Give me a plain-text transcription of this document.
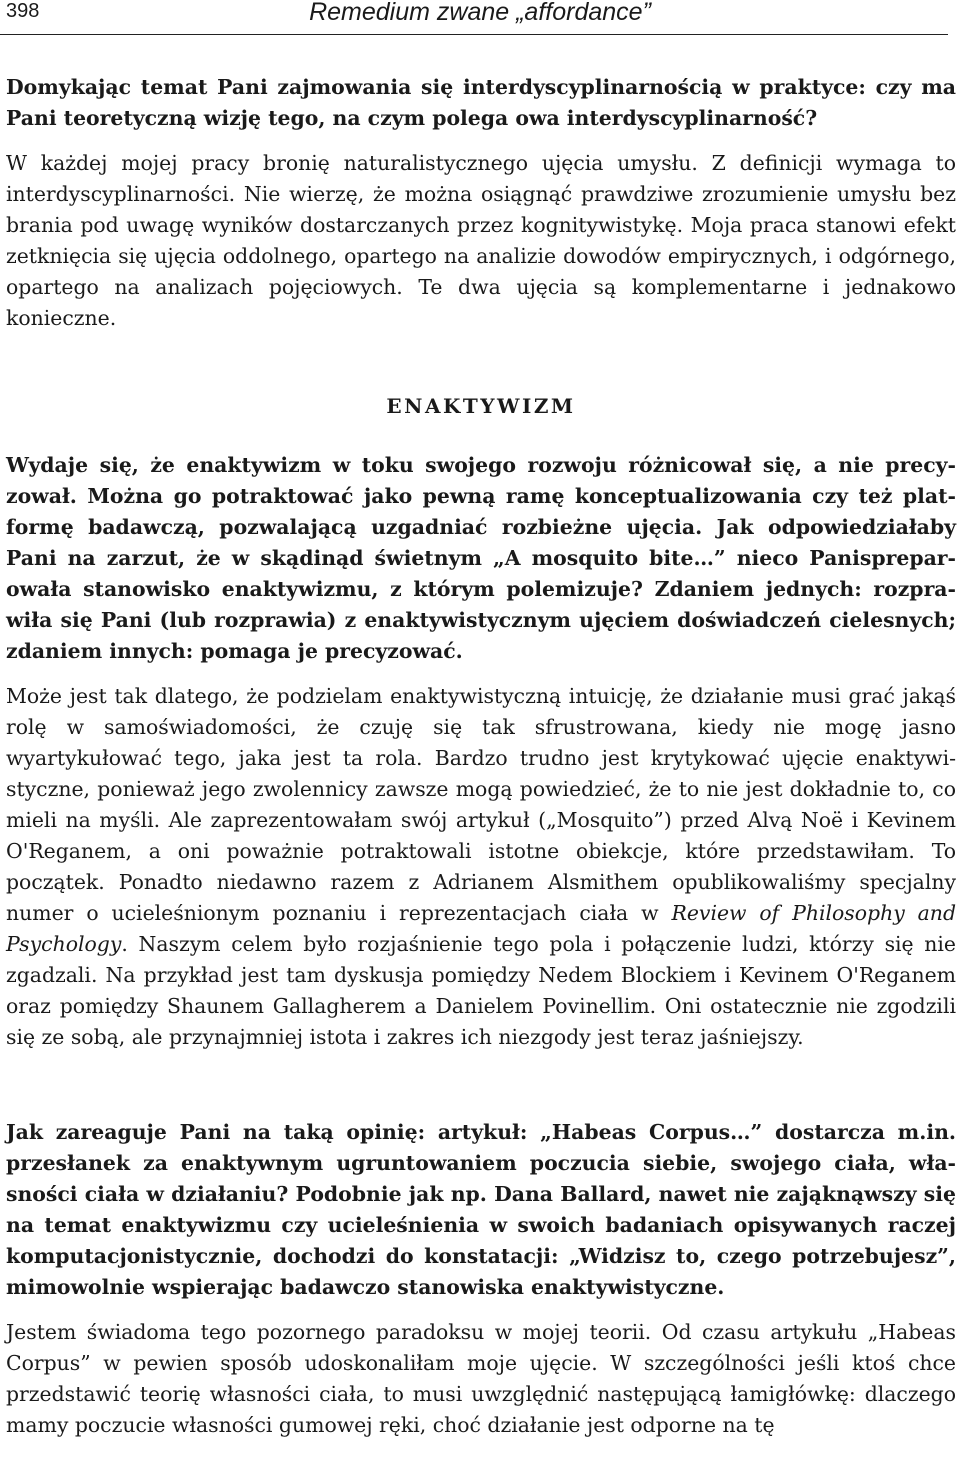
398	Remedium zwane „affordance”

Domykając temat Pani zajmowania się interdyscyplinarnością w praktyce: czy ma Pani teoretyczną wizję tego, na czym polega owa interdyscyplinarność?

W każdej mojej pracy bronię naturalistycznego ujęcia umysłu. Z definicji wymaga to interdyscyplinarności. Nie wierzę, że można osiągnąć prawdziwe zrozumienie umysłu bez brania pod uwagę wyników dostarczanych przez kognitywistykę. Moja praca stanowi efekt zetknięcia się ujęcia oddolnego, opartego na analizie dowodów empirycznych, i odgórnego, opartego na analizach pojęciowych. Te dwa ujęcia są komplementarne i jednakowo konieczne.

ENAKTYWIZM

Wydaje się, że enaktywizm w toku swojego rozwoju różnicował się, a nie precyzował. Można go potraktować jako pewną ramę konceptualizowania czy też platformę badawczą, pozwalającą uzgadniać rozbieżne ujęcia. Jak odpowiedziałaby Pani na zarzut, że w skądinąd świetnym „A mosquito bite…” nieco Panispreparowała stanowisko enaktywizmu, z którym polemizuje? Zdaniem jednych: rozprawiła się Pani (lub rozprawia) z enaktywistycznym ujęciem doświadczeń cielesnych; zdaniem innych: pomaga je precyzować.

Może jest tak dlatego, że podzielam enaktywistyczną intuicję, że działanie musi grać jakąś rolę w samoświadomości, że czuję się tak sfrustrowana, kiedy nie mogę jasno wyartykułować tego, jaka jest ta rola. Bardzo trudno jest krytykować ujęcie enaktywistyczne, ponieważ jego zwolennicy zawsze mogą powiedzieć, że to nie jest dokładnie to, co mieli na myśli. Ale zaprezentowałam swój artykuł („Mosquito”) przed Alvą Noë i Kevinem O'Reganem, a oni poważnie potraktowali istotne obiekcje, które przedstawiłam. To początek. Ponadto niedawno razem z Adrianem Alsmithem opublikowaliśmy specjalny numer o ucieleśnionym poznaniu i reprezentacjach ciała w Review of Philosophy and Psychology. Naszym celem było rozjaśnienie tego pola i połączenie ludzi, którzy się nie zgadzali. Na przykład jest tam dyskusja pomiędzy Nedem Blockiem i Kevinem O'Reganem oraz pomiędzy Shaunem Gallagherem a Danielem Povinellim. Oni ostatecznie nie zgodzili się ze sobą, ale przynajmniej istota i zakres ich niezgody jest teraz jaśniejszy.

Jak zareaguje Pani na taką opinię: artykuł: „Habeas Corpus…” dostarcza m.in. przesłanek za enaktywnym ugruntowaniem poczucia siebie, swojego ciała, własności ciała w działaniu? Podobnie jak np. Dana Ballard, nawet nie zająknąwszy się na temat enaktywizmu czy ucieleśnienia w swoich badaniach opisywanych raczej komputacjonistycznie, dochodzi do konstatacji: „Widzisz to, czego potrzebujesz”, mimowolnie wspierając badawczo stanowiska enaktywistyczne.

Jestem świadoma tego pozornego paradoksu w mojej teorii. Od czasu artykułu „Habeas Corpus” w pewien sposób udoskonaliłam moje ujęcie. W szczególności jeśli ktoś chce przedstawić teorię własności ciała, to musi uwzględnić następującą łamigłówkę: dlaczego mamy poczucie własności gumowej ręki, choć działanie jest odporne na tę
